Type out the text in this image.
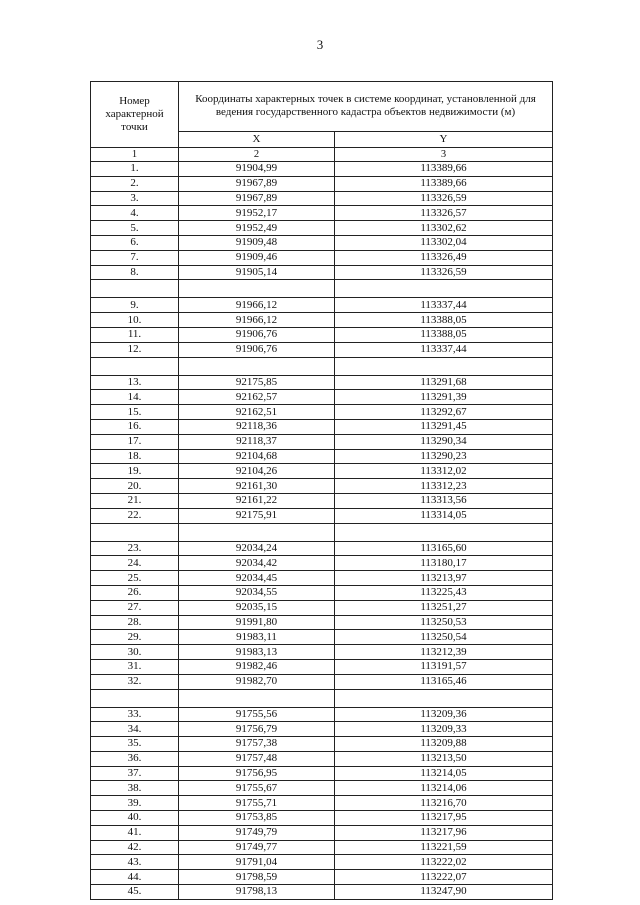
3
Номер характерной точки	Координаты характерных точек в системе координат, установленной для ведения государственного кадастра объектов недвижимости (м)	
	X	Y
1	2	3
1.	91904,99	113389,66
2.	91967,89	113389,66
3.	91967,89	113326,59
4.	91952,17	113326,57
5.	91952,49	113302,62
6.	91909,48	113302,04
7.	91909,46	113326,49
8.	91905,14	113326,59

9.	91966,12	113337,44
10.	91966,12	113388,05
11.	91906,76	113388,05
12.	91906,76	113337,44

13.	92175,85	113291,68
14.	92162,57	113291,39
15.	92162,51	113292,67
16.	92118,36	113291,45
17.	92118,37	113290,34
18.	92104,68	113290,23
19.	92104,26	113312,02
20.	92161,30	113312,23
21.	92161,22	113313,56
22.	92175,91	113314,05

23.	92034,24	113165,60
24.	92034,42	113180,17
25.	92034,45	113213,97
26.	92034,55	113225,43
27.	92035,15	113251,27
28.	91991,80	113250,53
29.	91983,11	113250,54
30.	91983,13	113212,39
31.	91982,46	113191,57
32.	91982,70	113165,46

33.	91755,56	113209,36
34.	91756,79	113209,33
35.	91757,38	113209,88
36.	91757,48	113213,50
37.	91756,95	113214,05
38.	91755,67	113214,06
39.	91755,71	113216,70
40.	91753,85	113217,95
41.	91749,79	113217,96
42.	91749,77	113221,59
43.	91791,04	113222,02
44.	91798,59	113222,07
45.	91798,13	113247,90
